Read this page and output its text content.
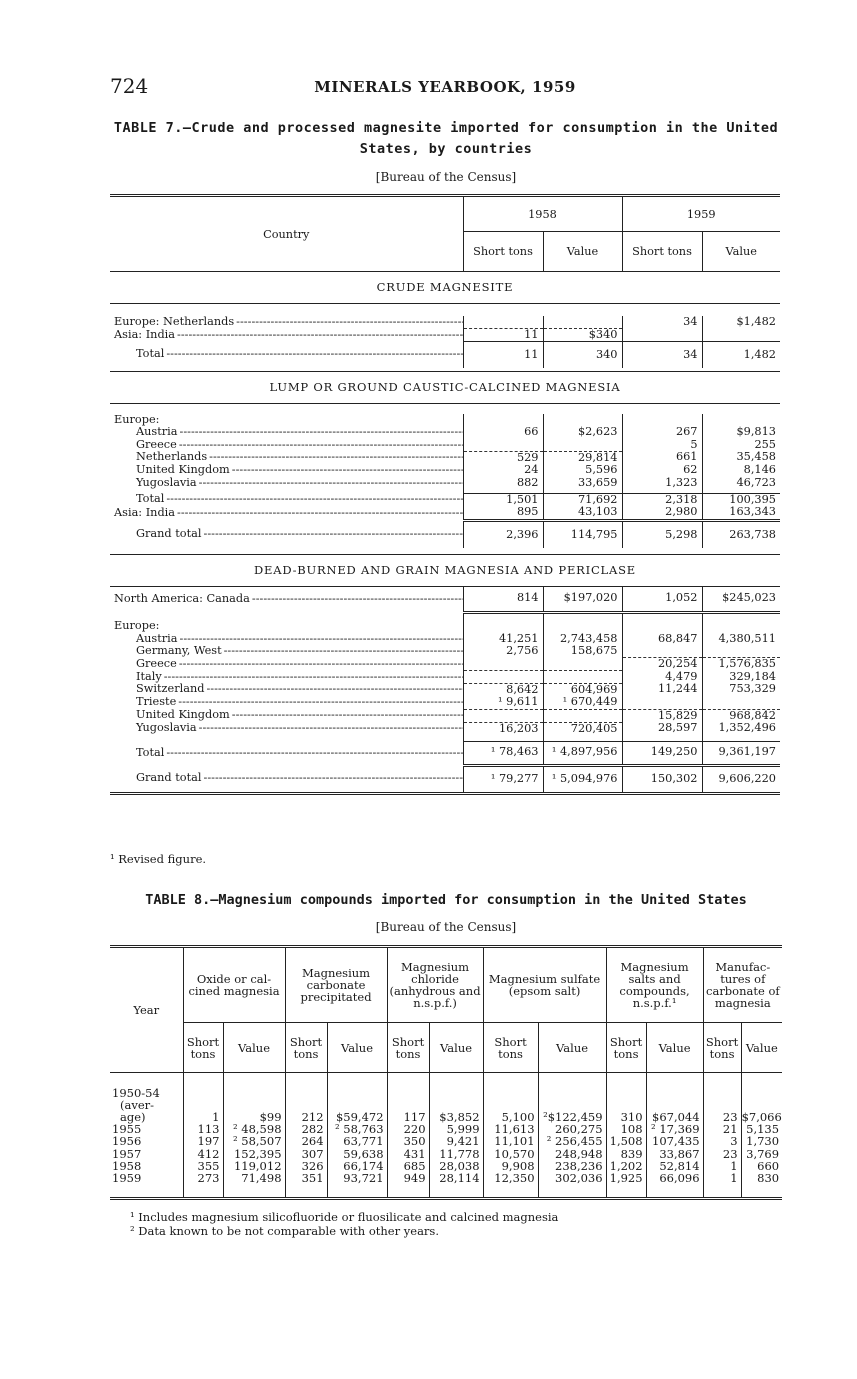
724	MINERALS YEARBOOK, 1959
TABLE 7.—Crude and processed magnesite imported for consumption in the United
States, by countries
[Bureau of the Census]
Country	1958		1959	
	Short tons	Value	Short tons	Value
CRUDE MAGNESITE				

Europe: Netherlands -----			34	$1,482
Asia: India -----	11	$340		
Total -----	11	340	34	1,482

LUMP OR GROUND CAUSTIC-CALCINED MAGNESIA				

Europe:				
Austria -----	66	$2,623	267	$9,813
Greece -----			5	255
Netherlands -----	529	29,814	661	35,458
United Kingdom -----	24	5,596	62	8,146
Yugoslavia -----	882	33,659	1,323	46,723

Total -----	1,501	71,692	2,318	100,395
Asia: India -----	895	43,103	2,980	163,343
Grand total -----	2,396	114,795	5,298	263,738

DEAD-BURNED AND GRAIN MAGNESIA AND PERICLASE				
North America: Canada -----	814	$197,020	1,052	$245,023

Europe:				
Austria -----	41,251	2,743,458	68,847	4,380,511
Germany, West -----	2,756	158,675		
Greece -----			20,254	1,576,835
Italy -----			4,479	329,184
Switzerland -----	8,642	604,969	11,244	753,329
Trieste -----	¹ 9,611	¹ 670,449		
United Kingdom -----			15,829	968,842
Yugoslavia -----	16,203	720,405	28,597	1,352,496

Total -----	¹ 78,463	¹ 4,897,956	149,250	9,361,197
Grand total -----	¹ 79,277	¹ 5,094,976	150,302	9,606,220
¹ Revised figure.
TABLE 8.—Magnesium compounds imported for consumption in the United States
[Bureau of the Census]
Year	Oxide or cal-cined magnesia		Magnesium carbonate precipitated		Magnesium chloride (anhydrous and n.s.p.f.)		Magnesium sulfate (epsom salt)		Magnesium salts and compounds, n.s.p.f.¹		Manufac-tures of carbonate of magnesia	
	Short tons	Value	Short tons	Value	Short tons	Value	Short tons	Value	Short tons	Value	Short tons	Value

1950-54												
(aver-												
age)	1	$99	212	$59,472	117	$3,852	5,100	²$122,459	310	$67,044	23	$7,066
1955	113	² 48,598	282	² 58,763	220	5,999	11,613	260,275	108	² 17,369	21	5,135
1956	197	² 58,507	264	63,771	350	9,421	11,101	² 256,455	1,508	107,435	3	1,730
1957	412	152,395	307	59,638	431	11,778	10,570	248,948	839	33,867	23	3,769
1958	355	119,012	326	66,174	685	28,038	9,908	238,236	1,202	52,814	1	660
1959	273	71,498	351	93,721	949	28,114	12,350	302,036	1,925	66,096	1	830

¹ Includes magnesium silicofluoride or fluosilicate and calcined magnesia
² Data known to be not comparable with other years.
